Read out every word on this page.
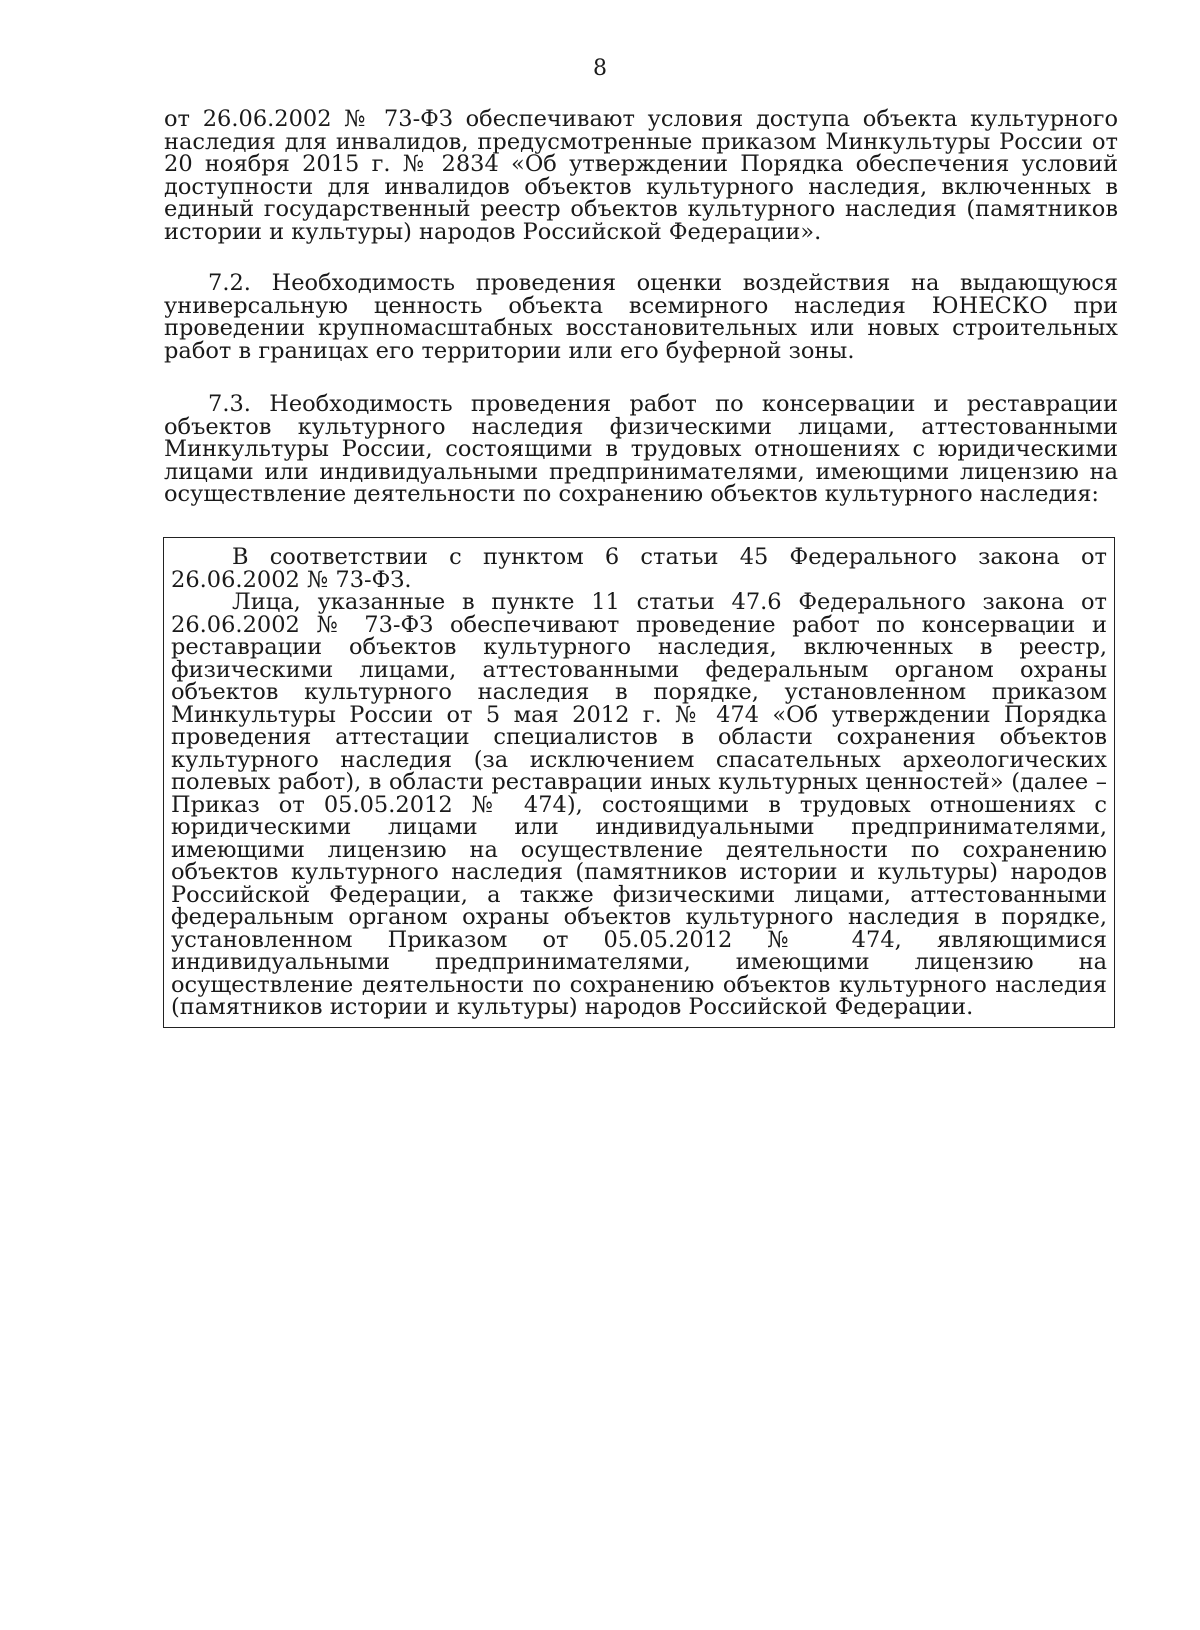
8

от 26.06.2002 № 73-ФЗ обеспечивают условия доступа объекта культурного наследия для инвалидов, предусмотренные приказом Минкультуры России от 20 ноября 2015 г. № 2834 «Об утверждении Порядка обеспечения условий доступности для инвалидов объектов культурного наследия, включенных в единый государственный реестр объектов культурного наследия (памятников истории и культуры) народов Российской Федерации».

7.2. Необходимость проведения оценки воздействия на выдающуюся универсальную ценность объекта всемирного наследия ЮНЕСКО при проведении крупномасштабных восстановительных или новых строительных работ в границах его территории или его буферной зоны.

7.3. Необходимость проведения работ по консервации и реставрации объектов культурного наследия физическими лицами, аттестованными Минкультуры России, состоящими в трудовых отношениях с юридическими лицами или индивидуальными предпринимателями, имеющими лицензию на осуществление деятельности по сохранению объектов культурного наследия:

В соответствии с пунктом 6 статьи 45 Федерального закона от 26.06.2002 № 73-ФЗ.

Лица, указанные в пункте 11 статьи 47.6 Федерального закона от 26.06.2002 № 73-ФЗ обеспечивают проведение работ по консервации и реставрации объектов культурного наследия, включенных в реестр, физическими лицами, аттестованными федеральным органом охраны объектов культурного наследия в порядке, установленном приказом Минкультуры России от 5 мая 2012 г. № 474 «Об утверждении Порядка проведения аттестации специалистов в области сохранения объектов культурного наследия (за исключением спасательных археологических полевых работ), в области реставрации иных культурных ценностей» (далее – Приказ от 05.05.2012 № 474), состоящими в трудовых отношениях с юридическими лицами или индивидуальными предпринимателями, имеющими лицензию на осуществление деятельности по сохранению объектов культурного наследия (памятников истории и культуры) народов Российской Федерации, а также физическими лицами, аттестованными федеральным органом охраны объектов культурного наследия в порядке, установленном Приказом от 05.05.2012 № 474, являющимися индивидуальными предпринимателями, имеющими лицензию на осуществление деятельности по сохранению объектов культурного наследия (памятников истории и культуры) народов Российской Федерации.
